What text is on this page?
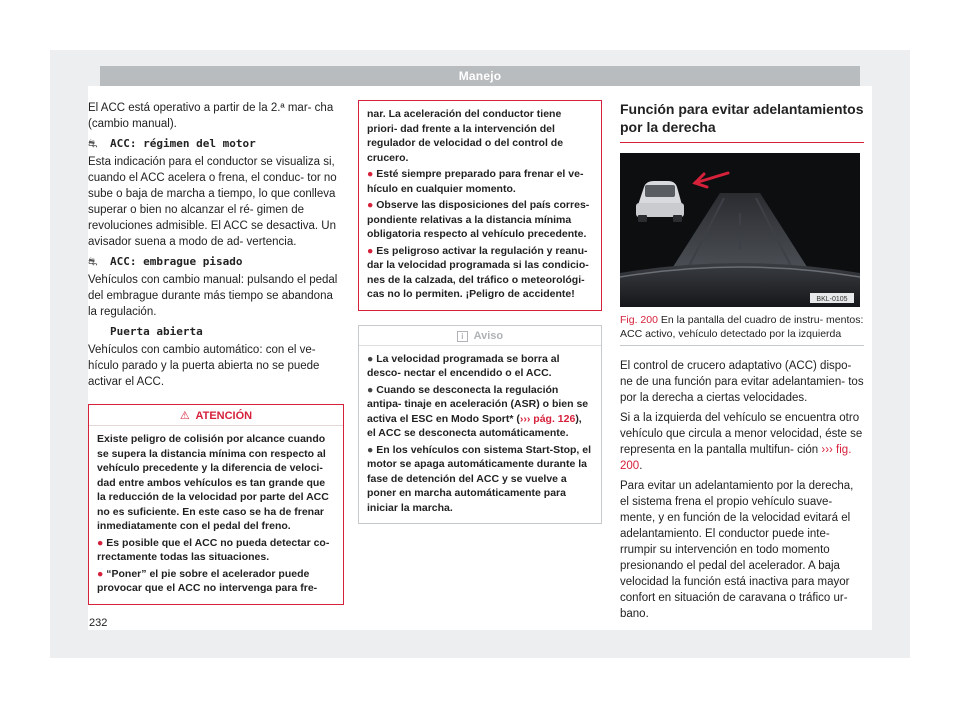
Manejo
El ACC está operativo a partir de la 2.ª mar- cha (cambio manual).
⛐ ACC: régimen del motor
Esta indicación para el conductor se visualiza si, cuando el ACC acelera o frena, el conduc- tor no sube o baja de marcha a tiempo, lo que conlleva superar o bien no alcanzar el ré- gimen de revoluciones admisible. El ACC se desactiva. Un avisador suena a modo de ad- vertencia.
⛐ ACC: embrague pisado
Vehículos con cambio manual: pulsando el pedal del embrague durante más tiempo se abandona la regulación.
Puerta abierta
Vehículos con cambio automático: con el ve- hículo parado y la puerta abierta no se puede activar el ACC.
⚠ ATENCIÓN
Existe peligro de colisión por alcance cuando se supera la distancia mínima con respecto al vehículo precedente y la diferencia de veloci- dad entre ambos vehículos es tan grande que la reducción de la velocidad por parte del ACC no es suficiente. En este caso se ha de frenar inmediatamente con el pedal del freno.
● Es posible que el ACC no pueda detectar co- rrectamente todas las situaciones.
● “Poner” el pie sobre el acelerador puede provocar que el ACC no intervenga para fre-
nar. La aceleración del conductor tiene priori- dad frente a la intervención del regulador de velocidad o del control de crucero.
● Esté siempre preparado para frenar el ve- hículo en cualquier momento.
● Observe las disposiciones del país corres- pondiente relativas a la distancia mínima obligatoria respecto al vehículo precedente.
● Es peligroso activar la regulación y reanu- dar la velocidad programada si las condicio- nes de la calzada, del tráfico o meteorológi- cas no lo permiten. ¡Peligro de accidente!
i Aviso
● La velocidad programada se borra al desco- nectar el encendido o el ACC.
● Cuando se desconecta la regulación antipa- tinaje en aceleración (ASR) o bien se activa el ESC en Modo Sport* (››› pág. 126), el ACC se desconecta automáticamente.
● En los vehículos con sistema Start-Stop, el motor se apaga automáticamente durante la fase de detención del ACC y se vuelve a poner en marcha automáticamente para iniciar la marcha.
Función para evitar adelantamientos por la derecha
BKL-0105
Fig. 200 En la pantalla del cuadro de instru- mentos: ACC activo, vehículo detectado por la izquierda
El control de crucero adaptativo (ACC) dispo- ne de una función para evitar adelantamien- tos por la derecha a ciertas velocidades.
Si a la izquierda del vehículo se encuentra otro vehículo que circula a menor velocidad, éste se representa en la pantalla multifun- ción ››› fig. 200.
Para evitar un adelantamiento por la derecha, el sistema frena el propio vehículo suave- mente, y en función de la velocidad evitará el adelantamiento. El conductor puede inte- rrumpir su intervención en todo momento presionando el pedal del acelerador. A baja velocidad la función está inactiva para mayor confort en situación de caravana o tráfico ur- bano.
232
